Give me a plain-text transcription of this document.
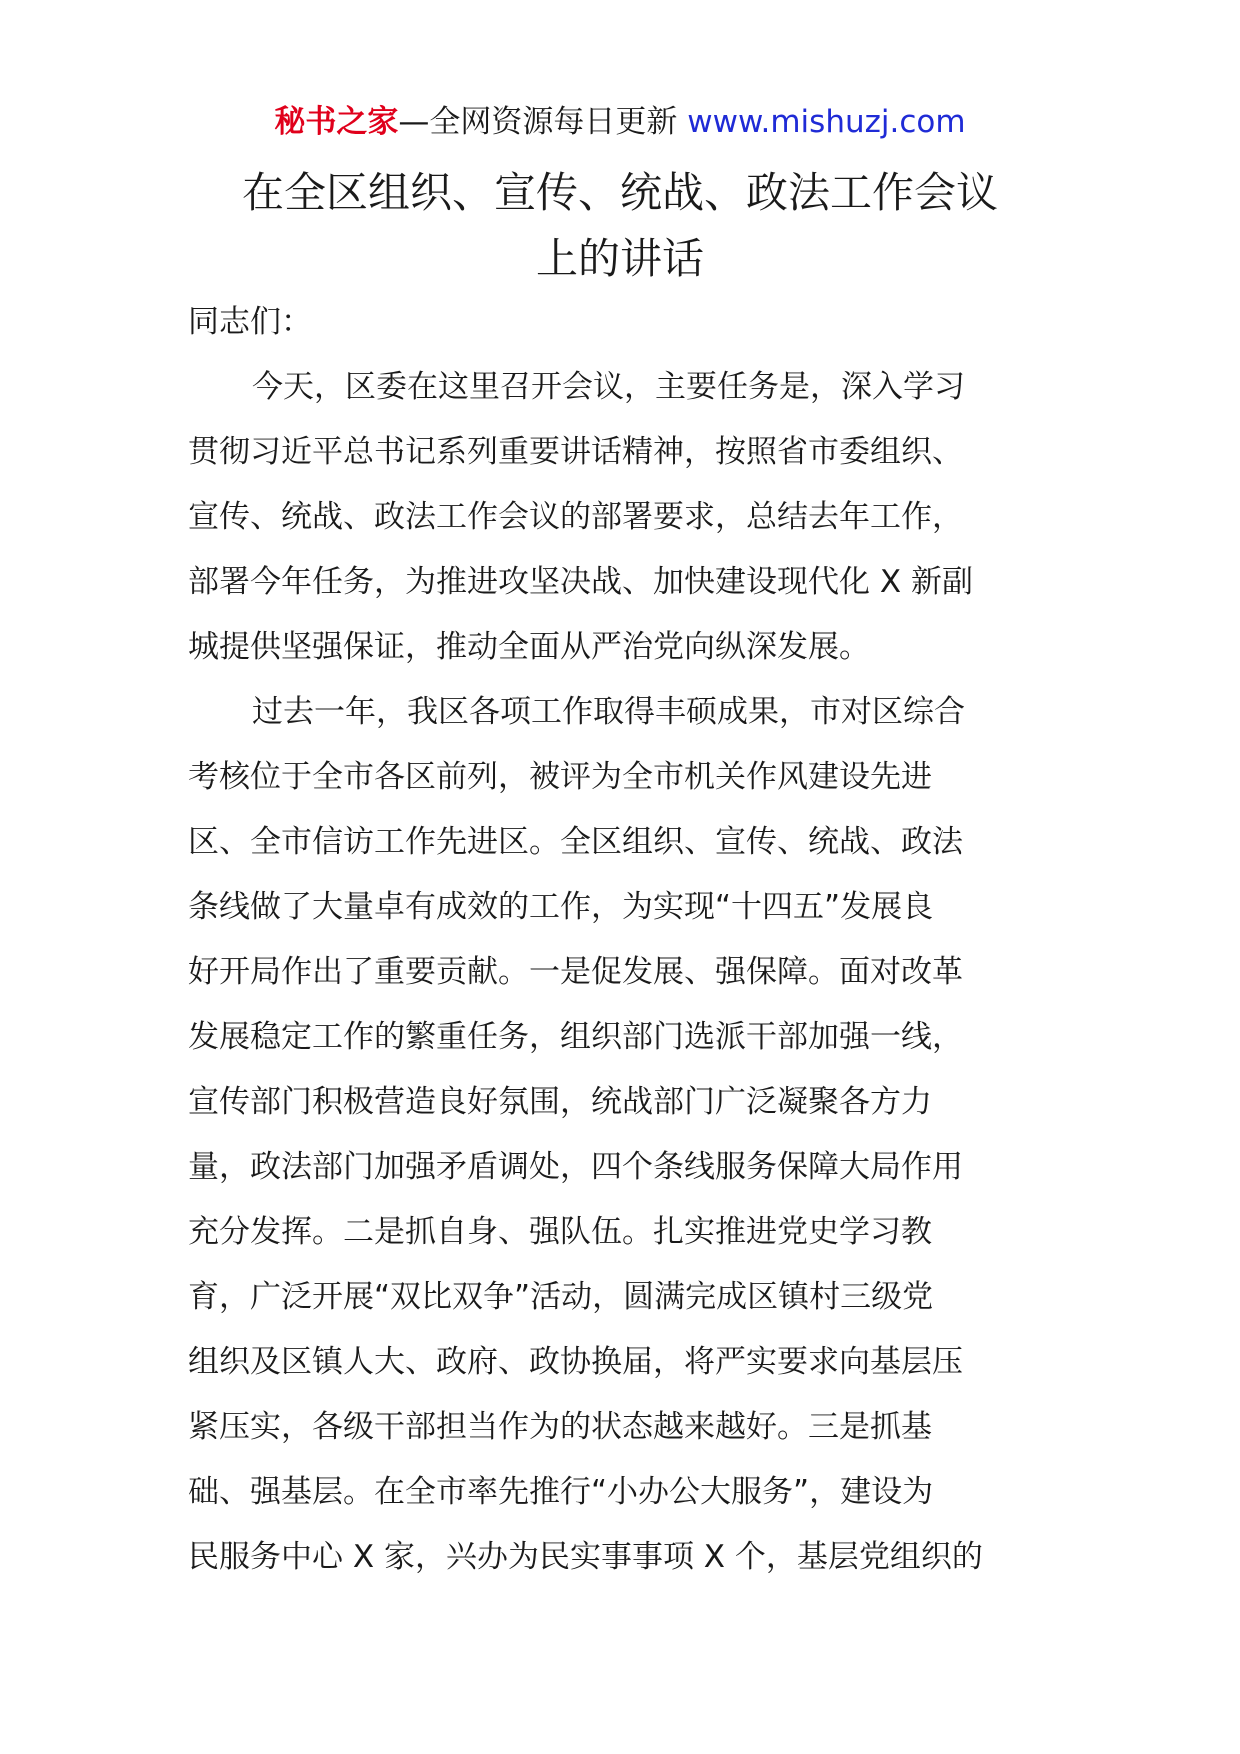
秘书之家—全网资源每日更新 www.mishuzj.com
在全区组织、宣传、统战、政法工作会议
上的讲话
同志们：
今天，区委在这里召开会议，主要任务是，深入学习
贯彻习近平总书记系列重要讲话精神，按照省市委组织、
宣传、统战、政法工作会议的部署要求，总结去年工作，
部署今年任务，为推进攻坚决战、加快建设现代化 X 新副
城提供坚强保证，推动全面从严治党向纵深发展。
过去一年，我区各项工作取得丰硕成果，市对区综合
考核位于全市各区前列，被评为全市机关作风建设先进
区、全市信访工作先进区。全区组织、宣传、统战、政法
条线做了大量卓有成效的工作，为实现“十四五”发展良
好开局作出了重要贡献。一是促发展、强保障。面对改革
发展稳定工作的繁重任务，组织部门选派干部加强一线，
宣传部门积极营造良好氛围，统战部门广泛凝聚各方力
量，政法部门加强矛盾调处，四个条线服务保障大局作用
充分发挥。二是抓自身、强队伍。扎实推进党史学习教
育，广泛开展“双比双争”活动，圆满完成区镇村三级党
组织及区镇人大、政府、政协换届，将严实要求向基层压
紧压实，各级干部担当作为的状态越来越好。三是抓基
础、强基层。在全市率先推行“小办公大服务”，建设为
民服务中心 X 家，兴办为民实事事项 X 个，基层党组织的
